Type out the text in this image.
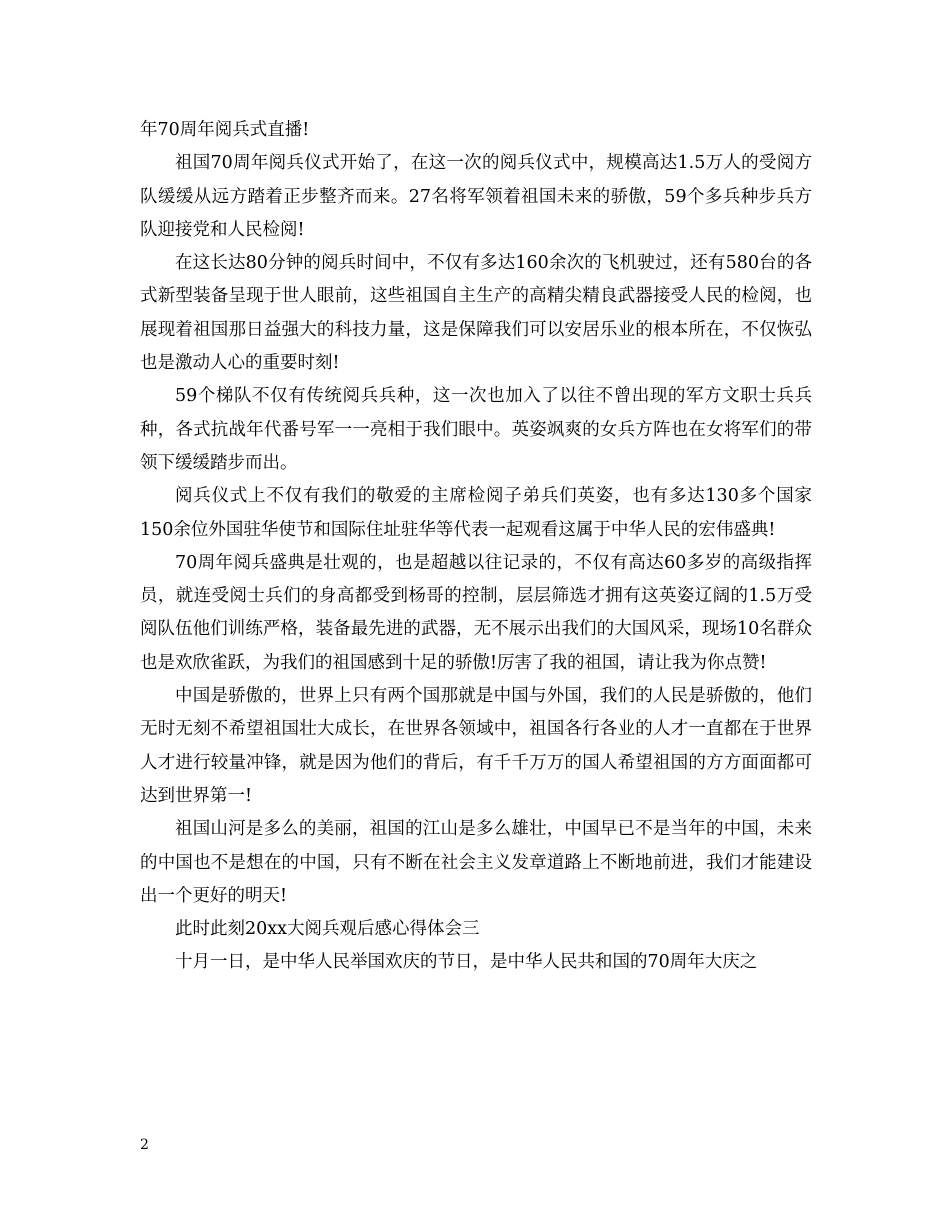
年70周年阅兵式直播!

祖国70周年阅兵仪式开始了，在这一次的阅兵仪式中，规模高达1.5万人的受阅方队缓缓从远方踏着正步整齐而来。27名将军领着祖国未来的骄傲，59个多兵种步兵方队迎接党和人民检阅!

在这长达80分钟的阅兵时间中，不仅有多达160余次的飞机驶过，还有580台的各式新型装备呈现于世人眼前，这些祖国自主生产的高精尖精良武器接受人民的检阅，也展现着祖国那日益强大的科技力量，这是保障我们可以安居乐业的根本所在，不仅恢弘也是激动人心的重要时刻!

59个梯队不仅有传统阅兵兵种，这一次也加入了以往不曾出现的军方文职士兵兵种，各式抗战年代番号军一一亮相于我们眼中。英姿飒爽的女兵方阵也在女将军们的带领下缓缓踏步而出。

阅兵仪式上不仅有我们的敬爱的主席检阅子弟兵们英姿，也有多达130多个国家150余位外国驻华使节和国际住址驻华等代表一起观看这属于中华人民的宏伟盛典!

70周年阅兵盛典是壮观的，也是超越以往记录的，不仅有高达60多岁的高级指挥员，就连受阅士兵们的身高都受到杨哥的控制，层层筛选才拥有这英姿辽阔的1.5万受阅队伍他们训练严格，装备最先进的武器，无不展示出我们的大国风采，现场10名群众也是欢欣雀跃，为我们的祖国感到十足的骄傲!厉害了我的祖国，请让我为你点赞!

中国是骄傲的，世界上只有两个国那就是中国与外国，我们的人民是骄傲的，他们无时无刻不希望祖国壮大成长，在世界各领域中，祖国各行各业的人才一直都在于世界人才进行较量冲锋，就是因为他们的背后，有千千万万的国人希望祖国的方方面面都可达到世界第一!

祖国山河是多么的美丽，祖国的江山是多么雄壮，中国早已不是当年的中国，未来的中国也不是想在的中国，只有不断在社会主义发章道路上不断地前进，我们才能建设出一个更好的明天!

此时此刻20xx大阅兵观后感心得体会三

十月一日，是中华人民举国欢庆的节日，是中华人民共和国的70周年大庆之

2
